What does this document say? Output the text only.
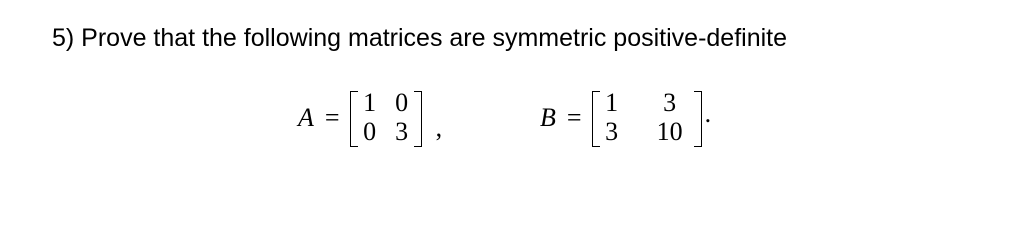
5) Prove that the following matrices are symmetric positive-definite
A =
1 0
0 3 ,	B =
1	3
3	10
.
